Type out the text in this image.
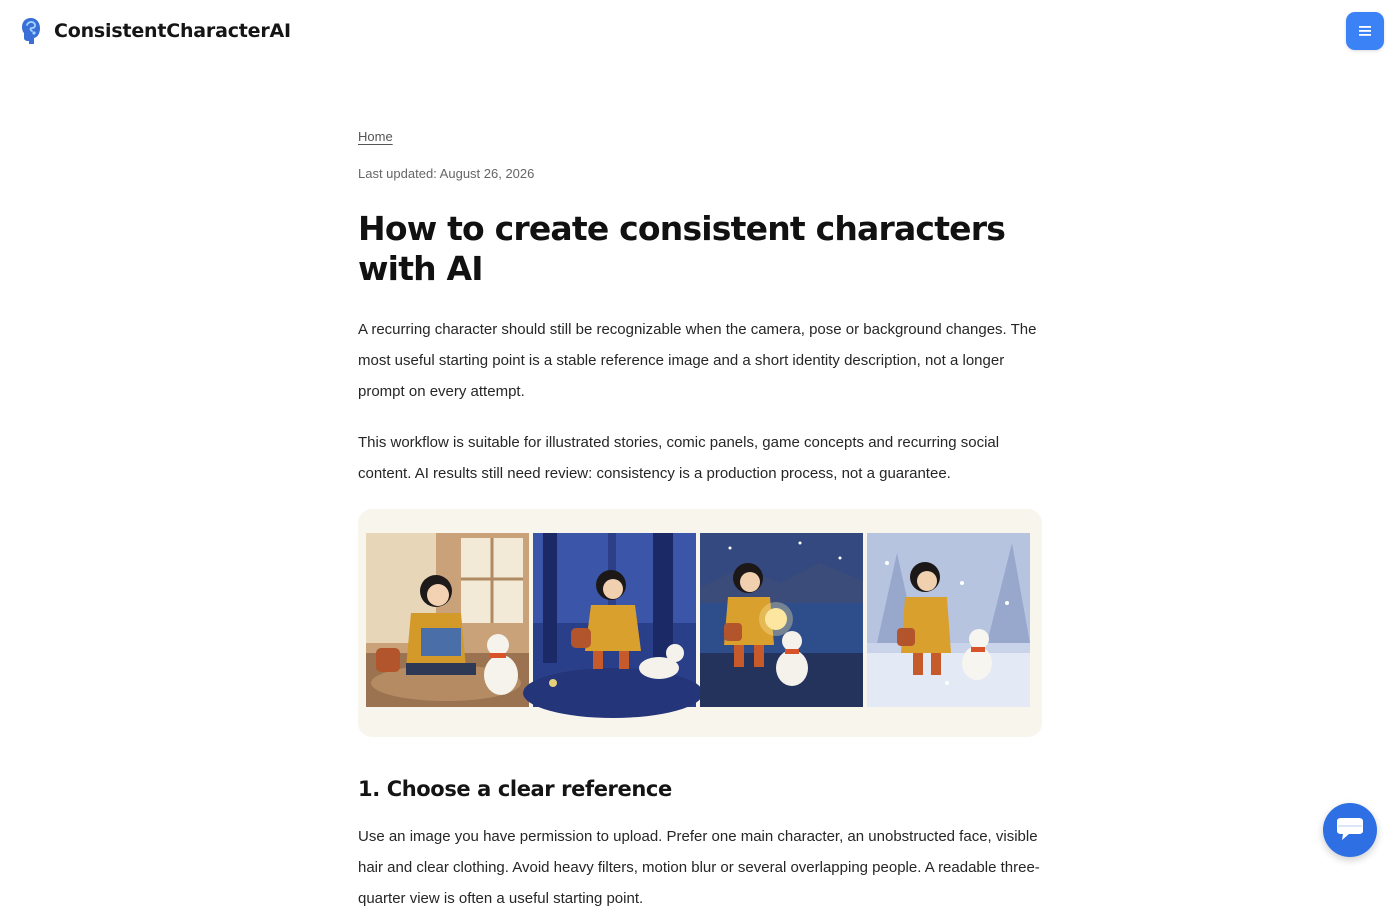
ConsistentCharacterAI
Home

Last updated: August 26, 2026

How to create consistent characters with AI

A recurring character should still be recognizable when the camera, pose or background changes. The most useful starting point is a stable reference image and a short identity description, not a longer prompt on every attempt.

This workflow is suitable for illustrated stories, comic panels, game concepts and recurring social content. AI results still need review: consistency is a production process, not a guarantee.

1. Choose a clear reference

Use an image you have permission to upload. Prefer one main character, an unobstructed face, visible hair and clear clothing. Avoid heavy filters, motion blur or several overlapping people. A readable three-quarter view is often a useful starting point.
